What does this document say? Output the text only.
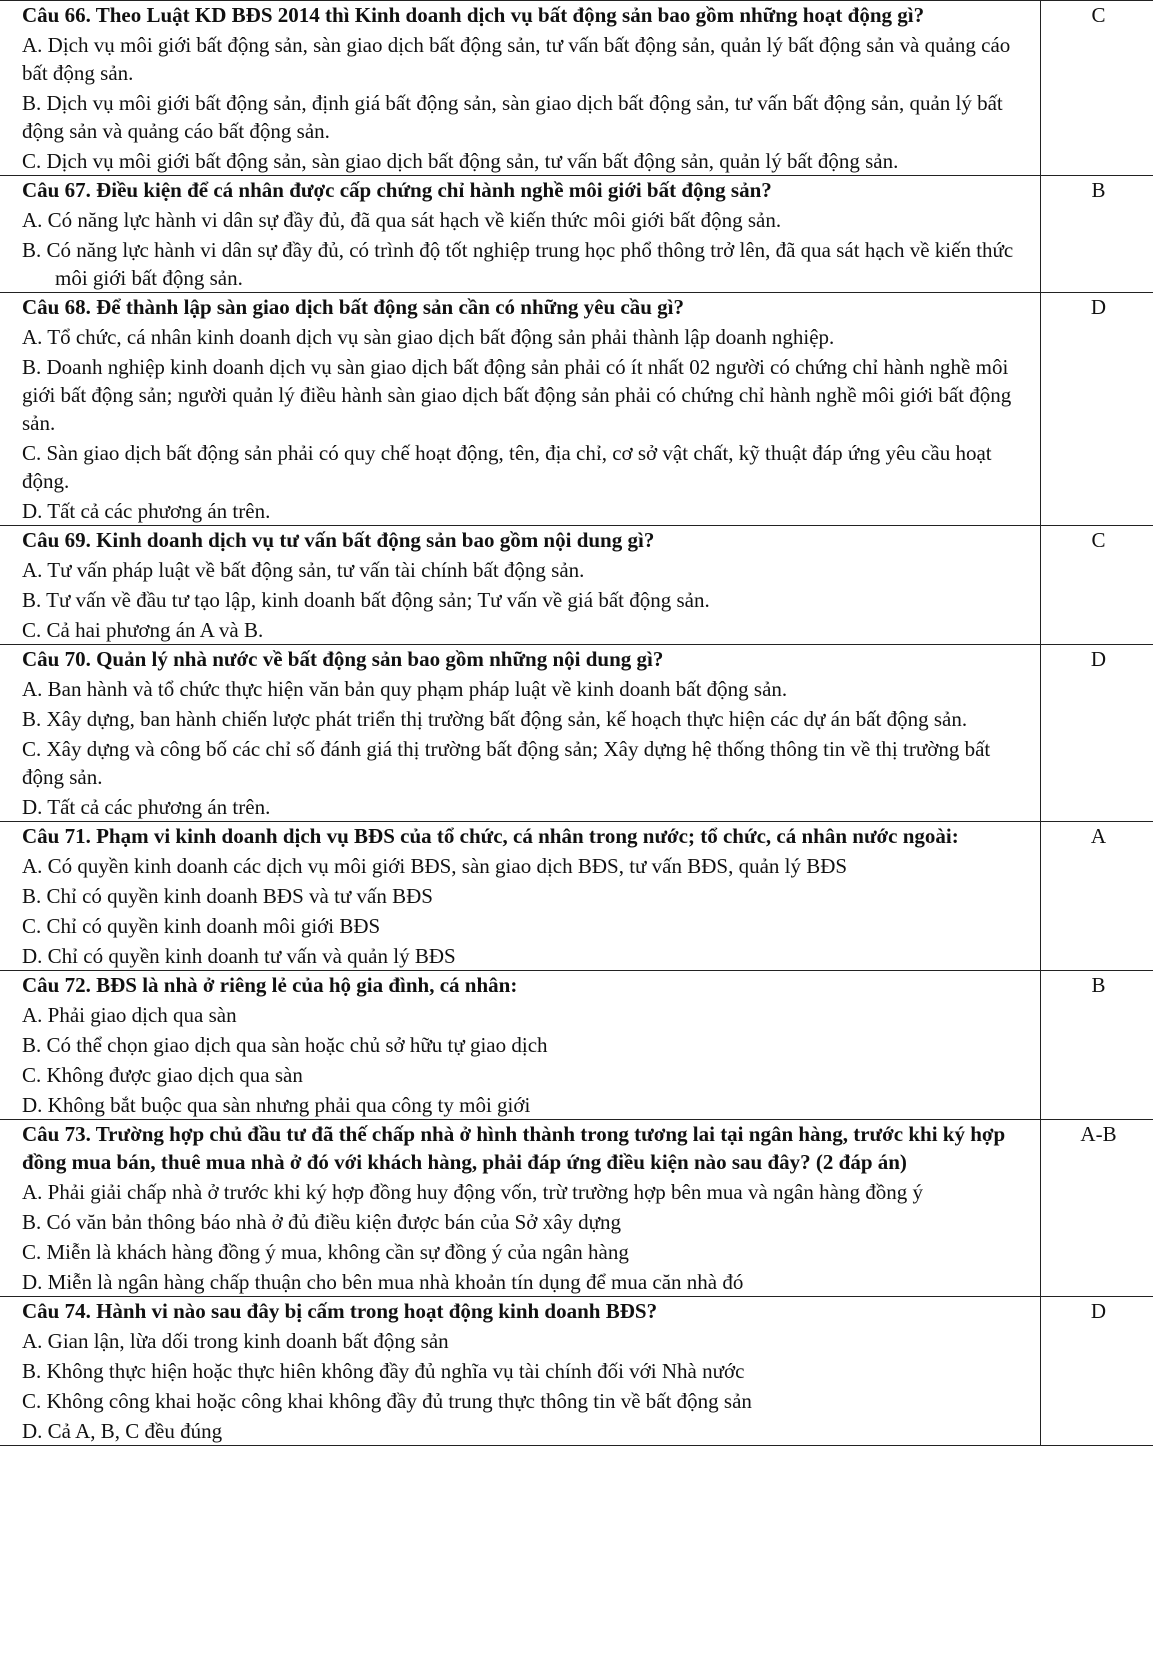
Câu 66. Theo Luật KD BĐS 2014 thì Kinh doanh dịch vụ bất động sản bao gồm những hoạt động gì?
A. Dịch vụ môi giới bất động sản, sàn giao dịch bất động sản, tư vấn bất động sản, quản lý bất động sản và quảng cáo bất động sản.
B. Dịch vụ môi giới bất động sản, định giá bất động sản, sàn giao dịch bất động sản, tư vấn bất động sản, quản lý bất động sản và quảng cáo bất động sản.
C. Dịch vụ môi giới bất động sản, sàn giao dịch bất động sản, tư vấn bất động sản, quản lý bất động sản.	C

Câu 67. Điều kiện để cá nhân được cấp chứng chỉ hành nghề môi giới bất động sản?
A. Có năng lực hành vi dân sự đầy đủ, đã qua sát hạch về kiến thức môi giới bất động sản.
B. Có năng lực hành vi dân sự đầy đủ, có trình độ tốt nghiệp trung học phổ thông trở lên, đã qua sát hạch về kiến thức môi giới bất động sản.	B

Câu 68. Để thành lập sàn giao dịch bất động sản cần có những yêu cầu gì?
A. Tổ chức, cá nhân kinh doanh dịch vụ sàn giao dịch bất động sản phải thành lập doanh nghiệp.
B. Doanh nghiệp kinh doanh dịch vụ sàn giao dịch bất động sản phải có ít nhất 02 người có chứng chỉ hành nghề môi giới bất động sản; người quản lý điều hành sàn giao dịch bất động sản phải có chứng chỉ hành nghề môi giới bất động sản.
C. Sàn giao dịch bất động sản phải có quy chế hoạt động, tên, địa chỉ, cơ sở vật chất, kỹ thuật đáp ứng yêu cầu hoạt động.
D. Tất cả các phương án trên.	D

Câu 69. Kinh doanh dịch vụ tư vấn bất động sản bao gồm nội dung gì?
A. Tư vấn pháp luật về bất động sản, tư vấn tài chính bất động sản.
B. Tư vấn về đầu tư tạo lập, kinh doanh bất động sản; Tư vấn về giá bất động sản.
C. Cả hai phương án A và B.	C

Câu 70. Quản lý nhà nước về bất động sản bao gồm những nội dung gì?
A. Ban hành và tổ chức thực hiện văn bản quy phạm pháp luật về kinh doanh bất động sản.
B. Xây dựng, ban hành chiến lược phát triển thị trường bất động sản, kế hoạch thực hiện các dự án bất động sản.
C. Xây dựng và công bố các chỉ số đánh giá thị trường bất động sản; Xây dựng hệ thống thông tin về thị trường bất động sản.
D. Tất cả các phương án trên.	D

Câu 71. Phạm vi kinh doanh dịch vụ BĐS của tổ chức, cá nhân trong nước; tổ chức, cá nhân nước ngoài:
A. Có quyền kinh doanh các dịch vụ môi giới BĐS, sàn giao dịch BĐS, tư vấn BĐS, quản lý BĐS
B. Chỉ có quyền kinh doanh BĐS và tư vấn BĐS
C. Chỉ có quyền kinh doanh môi giới BĐS
D. Chỉ có quyền kinh doanh tư vấn và quản lý BĐS	A

Câu 72. BĐS là nhà ở riêng lẻ của hộ gia đình, cá nhân:
A. Phải giao dịch qua sàn
B. Có thể chọn giao dịch qua sàn hoặc chủ sở hữu tự giao dịch
C. Không được giao dịch qua sàn
D. Không bắt buộc qua sàn nhưng phải qua công ty môi giới	B

Câu 73. Trường hợp chủ đầu tư đã thế chấp nhà ở hình thành trong tương lai tại ngân hàng, trước khi ký hợp đồng mua bán, thuê mua nhà ở đó với khách hàng, phải đáp ứng điều kiện nào sau đây? (2 đáp án)
A. Phải giải chấp nhà ở trước khi ký hợp đồng huy động vốn, trừ trường hợp bên mua và ngân hàng đồng ý
B. Có văn bản thông báo nhà ở đủ điều kiện được bán của Sở xây dựng
C. Miễn là khách hàng đồng ý mua, không cần sự đồng ý của ngân hàng
D. Miễn là ngân hàng chấp thuận cho bên mua nhà khoản tín dụng để mua căn nhà đó	A-B

Câu 74. Hành vi nào sau đây bị cấm trong hoạt động kinh doanh BĐS?
A. Gian lận, lừa dối trong kinh doanh bất động sản
B. Không thực hiện hoặc thực hiên không đầy đủ nghĩa vụ tài chính đối với Nhà nước
C. Không công khai hoặc công khai không đầy đủ trung thực thông tin về bất động sản
D. Cả A, B, C đều đúng	D
